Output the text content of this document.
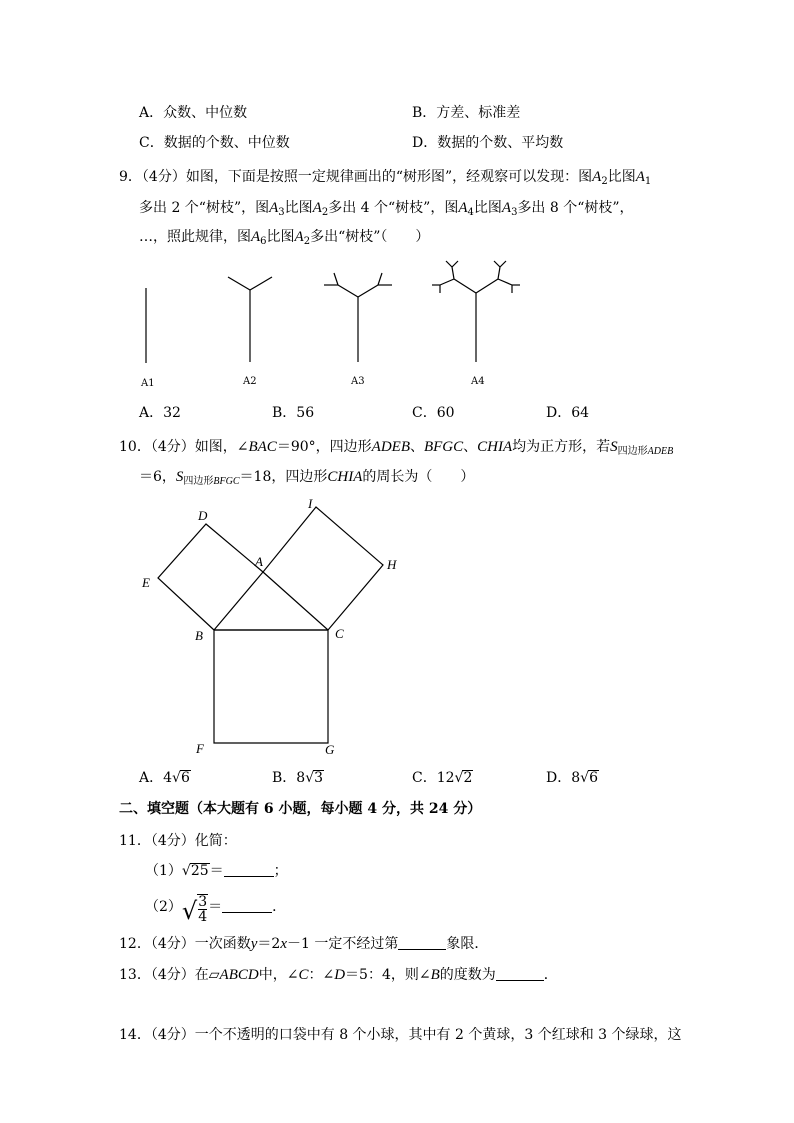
A．众数、中位数	B．方差、标准差
C．数据的个数、中位数	D．数据的个数、平均数
9．（4分）如图，下面是按照一定规律画出的“树形图”，经观察可以发现：图$A_2$比图$A_1$
多出 2 个“树枝”，图$A_3$比图$A_2$多出 4 个“树枝”，图$A_4$比图$A_3$多出 8 个“树枝”，
…，照此规律，图$A_6$比图$A_2$多出“树枝”（　　）
A1	A2	A3	A4
A．32	B．56	C．60	D．64
10．（4分）如图，∠BAC＝90°，四边形ADEB、BFGC、CHIA均为正方形，若$S_{四边形ADEB}$
＝6，$S_{四边形BFGC}=18$，四边形CHIA的周长为（　　）
D
I
A
E
H
B	C
F	G
A．4√6	B．8√3	C．12√2	D．8√6
二、填空题（本大题有 6 小题，每小题 4 分，共 24 分）
11．（4分）化简：
（1）√25＝	；
$(2)√ \frac{3}{4}$ ＝	．
12．（4分）一次函数y＝2x－1 一定不经过第	象限．
13．（4分）在▱ABCD中，∠C：∠D＝5：4，则∠B的度数为	．
14．（4分）一个不透明的口袋中有 8 个小球，其中有 2 个黄球，3 个红球和 3 个绿球，这
